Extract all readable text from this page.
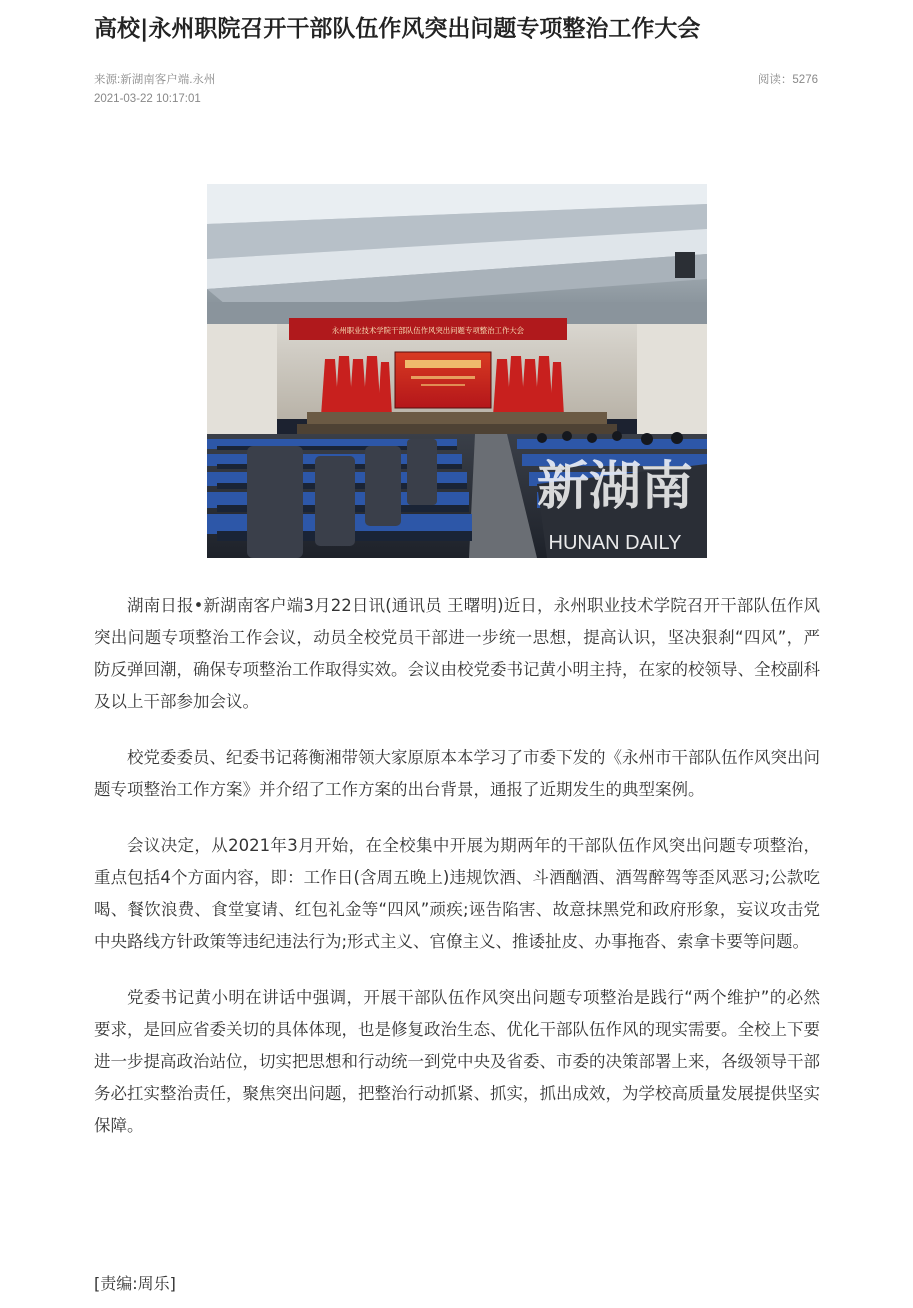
高校|永州职院召开干部队伍作风突出问题专项整治工作大会
来源:新湖南客户端.永州
2021-03-22 10:17:01
阅读：5276
永州职业技术学院干部队伍作风突出问题专项整治工作大会
新湖南
HUNAN DAILY

湖南日报•新湖南客户端3月22日讯(通讯员 王曙明)近日，永州职业技术学院召开干部队伍作风突出问题专项整治工作会议，动员全校党员干部进一步统一思想，提高认识，坚决狠刹“四风”，严防反弹回潮，确保专项整治工作取得实效。会议由校党委书记黄小明主持，在家的校领导、全校副科及以上干部参加会议。

校党委委员、纪委书记蒋衡湘带领大家原原本本学习了市委下发的《永州市干部队伍作风突出问题专项整治工作方案》并介绍了工作方案的出台背景，通报了近期发生的典型案例。

会议决定，从2021年3月开始，在全校集中开展为期两年的干部队伍作风突出问题专项整治，重点包括4个方面内容，即：工作日(含周五晚上)违规饮酒、斗酒酗酒、酒驾醉驾等歪风恶习;公款吃喝、餐饮浪费、食堂宴请、红包礼金等“四风”顽疾;诬告陷害、故意抹黑党和政府形象，妄议攻击党中央路线方针政策等违纪违法行为;形式主义、官僚主义、推诿扯皮、办事拖沓、索拿卡要等问题。

党委书记黄小明在讲话中强调，开展干部队伍作风突出问题专项整治是践行“两个维护”的必然要求，是回应省委关切的具体体现，也是修复政治生态、优化干部队伍作风的现实需要。全校上下要进一步提高政治站位，切实把思想和行动统一到党中央及省委、市委的决策部署上来，各级领导干部务必扛实整治责任，聚焦突出问题，把整治行动抓紧、抓实，抓出成效，为学校高质量发展提供坚实保障。

[责编:周乐]
